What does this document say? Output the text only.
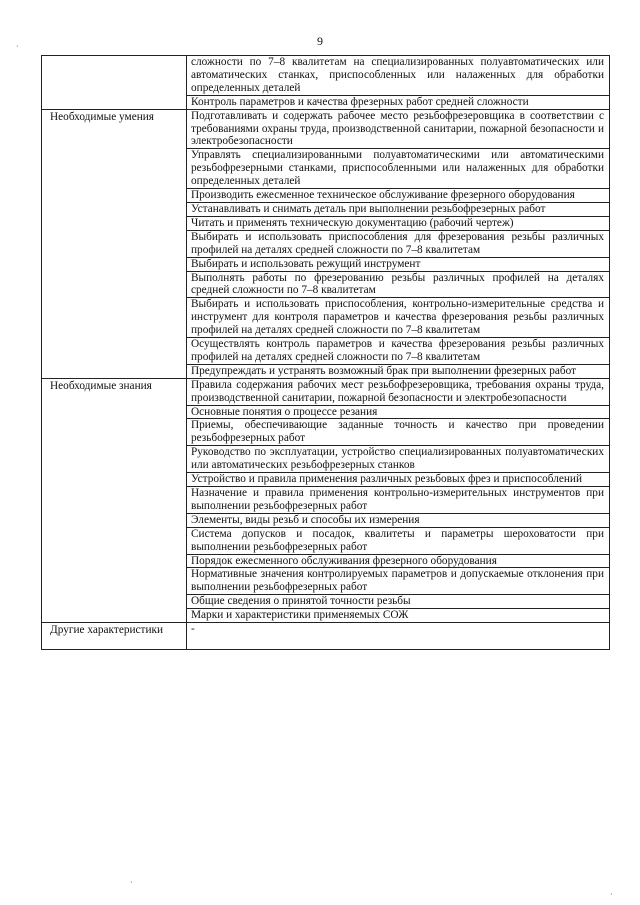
9
·
сложности по 7–8 квалитетам на специализированных полуавтоматических или автоматических станках, приспособленных или налаженных для обработки определенных деталей
Контроль параметров и качества фрезерных работ средней сложности
Необходимые умения	Подготавливать и содержать рабочее место резьбофрезеровщика в соответствии с требованиями охраны труда, производственной санитарии, пожарной безопасности и электробезопасности
Управлять специализированными полуавтоматическими или автоматическими резьбофрезерными станками, приспособленными или налаженных для обработки определенных деталей
Производить ежесменное техническое обслуживание фрезерного оборудования
Устанавливать и снимать деталь при выполнении резьбофрезерных работ
Читать и применять техническую документацию (рабочий чертеж)
Выбирать и использовать приспособления для фрезерования резьбы различных профилей на деталях средней сложности по 7–8 квалитетам
Выбирать и использовать режущий инструмент
Выполнять работы по фрезерованию резьбы различных профилей на деталях средней сложности по 7–8 квалитетам
Выбирать и использовать приспособления, контрольно-измерительные средства и инструмент для контроля параметров и качества фрезерования резьбы различных профилей на деталях средней сложности по 7–8 квалитетам
Осуществлять контроль параметров и качества фрезерования резьбы различных профилей на деталях средней сложности по 7–8 квалитетам
Предупреждать и устранять возможный брак при выполнении фрезерных работ
Необходимые знания	Правила содержания рабочих мест резьбофрезеровщика, требования охраны труда, производственной санитарии, пожарной безопасности и электробезопасности
Основные понятия о процессе резания
Приемы, обеспечивающие заданные точность и качество при проведении резьбофрезерных работ
Руководство по эксплуатации, устройство специализированных полуавтоматических или автоматических резьбофрезерных станков
Устройство и правила применения различных резьбовых фрез и приспособлений
Назначение и правила применения контрольно-измерительных инструментов при выполнении резьбофрезерных работ
Элементы, виды резьб и способы их измерения
Система допусков и посадок, квалитеты и параметры шероховатости при выполнении резьбофрезерных работ
Порядок ежесменного обслуживания фрезерного оборудования
Нормативные значения контролируемых параметров и допускаемые отклонения при выполнении резьбофрезерных работ
Общие сведения о принятой точности резьбы
Марки и характеристики применяемых СОЖ
Другие характеристики	-
·
·
